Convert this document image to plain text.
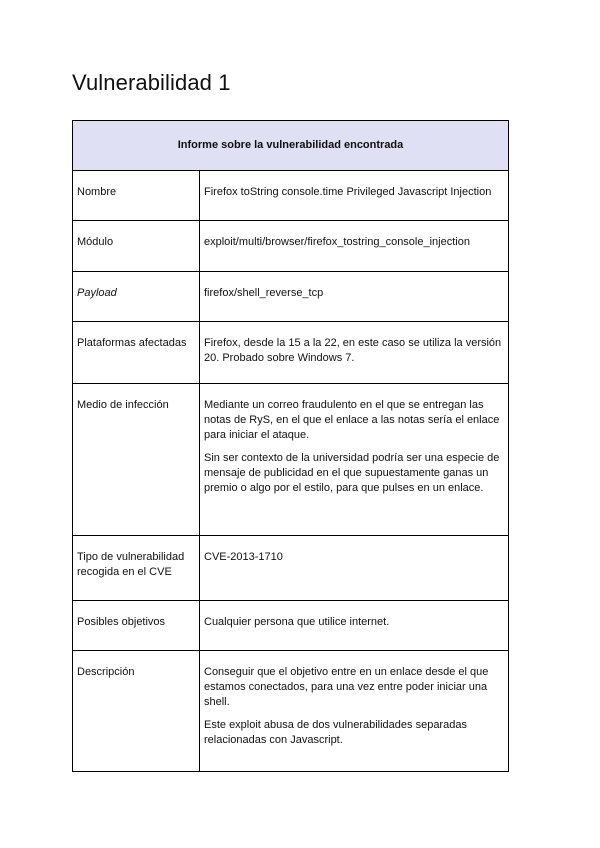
Vulnerabilidad 1
Informe sobre la vulnerabilidad encontrada	
Nombre	Firefox toString console.time Privileged Javascript Injection

Módulo	exploit/multi/browser/firefox_tostring_console_injection

Payload	firefox/shell_reverse_tcp

Plataformas afectadas	Firefox, desde la 15 a la 22, en este caso se utiliza la versión 20. Probado sobre Windows 7.

Medio de infección	Mediante un correo fraudulento en el que se entregan las notas de RyS, en el que el enlace a las notas sería el enlace para iniciar el ataque.

Sin ser contexto de la universidad podría ser una especie de mensaje de publicidad en el que supuestamente ganas un premio o algo por el estilo, para que pulses en un enlace.

Tipo de vulnerabilidad recogida en el CVE	CVE-2013-1710

Posibles objetivos	Cualquier persona que utilice internet.

Descripción	Conseguir que el objetivo entre en un enlace desde el que estamos conectados, para una vez entre poder iniciar una shell.

Este exploit abusa de dos vulnerabilidades separadas relacionadas con Javascript.
